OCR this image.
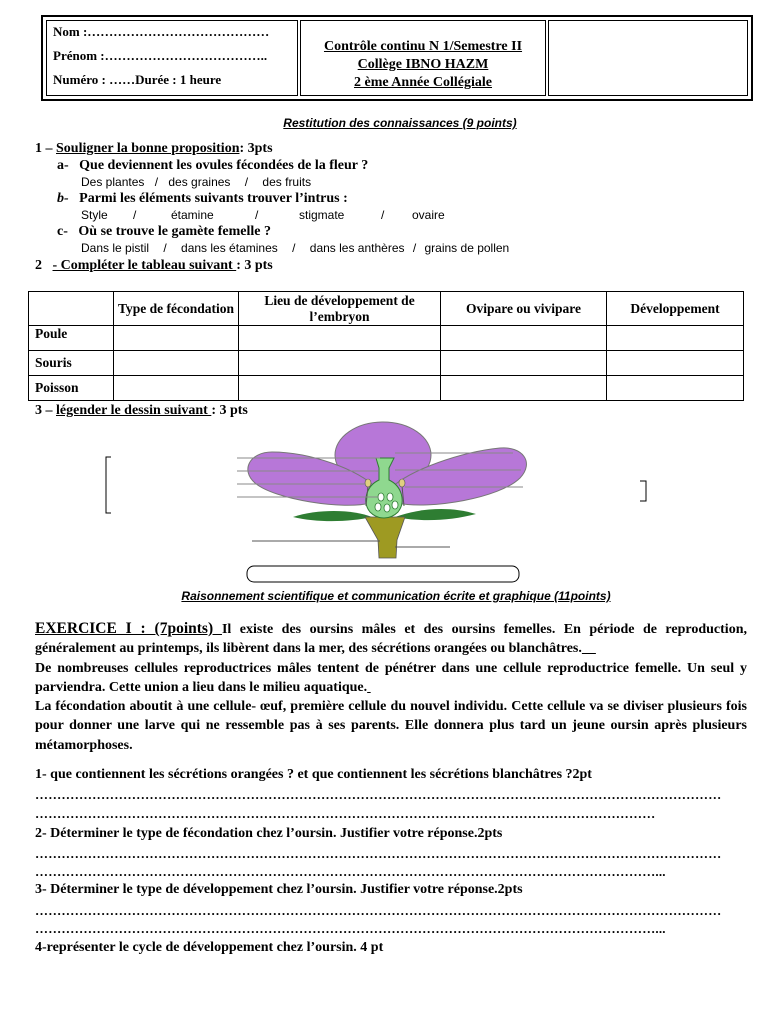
Nom :……………………………………
Prénom :………………………………..
Numéro : ……Durée : 1 heure
Contrôle continu N 1/Semestre II
Collège IBNO HAZM
2 ème Année Collégiale
Restitution des connaissances (9 points)
1 – Souligner la bonne proposition: 3pts
a- Que deviennent les ovules fécondées de la fleur ?
Des plantes / des graines / des fruits
b- Parmi les éléments suivants trouver l’intrus :
Style /	étamine	/	stigmate	/ ovaire
c- Où se trouve le gamète femelle ?
Dans le pistil / dans les étamines / dans les anthères / grains de pollen
2 - Compléter le tableau suivant : 3 pts
	Type de fécondation	Lieu de développement de l’embryon	Ovipare ou vivipare	Développement
Poule				
Souris				
Poisson				
3 – légender le dessin suivant : 3 pts
Raisonnement scientifique et communication écrite et graphique (11points)
EXERCICE I : (7points) Il existe des oursins mâles et des oursins femelles. En période de reproduction, généralement au printemps, ils libèrent dans la mer, des sécrétions orangées ou blanchâtres.
De nombreuses cellules reproductrices mâles tentent de pénétrer dans une cellule reproductrice femelle. Un seul y parviendra. Cette union a lieu dans le milieu aquatique.
La fécondation aboutit à une cellule- œuf, première cellule du nouvel individu. Cette cellule va se diviser plusieurs fois pour donner une larve qui ne ressemble pas à ses parents. Elle donnera plus tard un jeune oursin après plusieurs métamorphoses.
1- que contiennent les sécrétions orangées ? et que contiennent les sécrétions blanchâtres ?2pt
…………………………………………………………………………………………………………………………………………
……………………………………………………………………………………………………………………………
2- Déterminer le type de fécondation chez l’oursin. Justifier votre réponse.2pts
…………………………………………………………………………………………………………………………………………
……………………………………………………………………………………………………………………………...
3- Déterminer le type de développement chez l’oursin. Justifier votre réponse.2pts
…………………………………………………………………………………………………………………………………………
……………………………………………………………………………………………………………………………...
4-représenter le cycle de développement chez l’oursin. 4 pt
